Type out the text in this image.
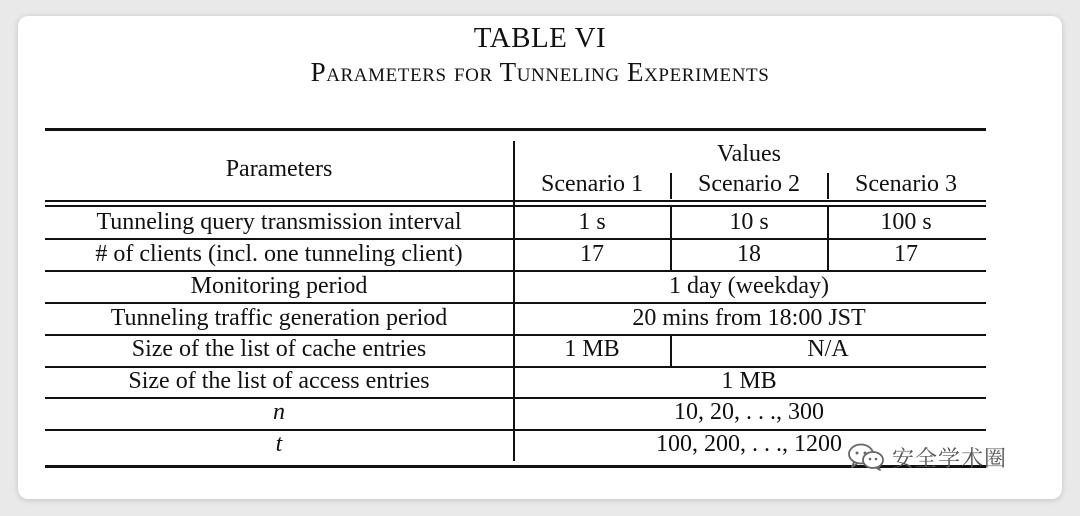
TABLE VI
Parameters for Tunneling Experiments
Parameters
Values
Scenario 1 Scenario 2 Scenario 3
Tunneling query transmission interval	1 s	10 s	100 s
# of clients (incl. one tunneling client)	17	18	17
Monitoring period	1 day (weekday)
Tunneling traffic generation period	20 mins from 18:00 JST
Size of the list of cache entries	1 MB	N/A
Size of the list of access entries	1 MB
n	10, 20, . . ., 300
t	100, 200, . . ., 1200
安全学术圈
